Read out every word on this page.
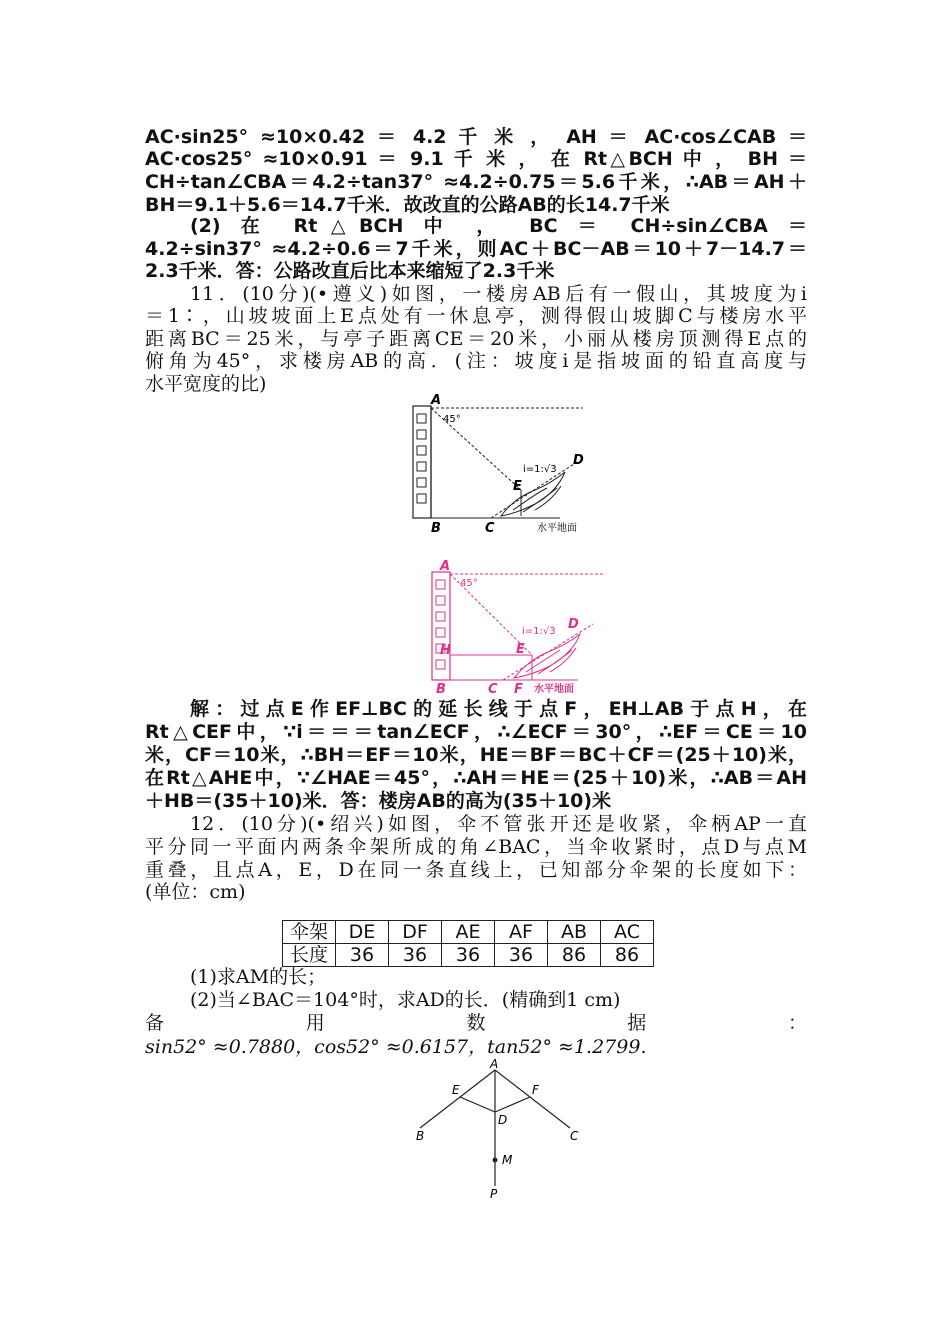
AC·sin25° ≈10×0.42 ＝ 4.2 千 米 ， AH ＝ AC·cos∠CAB ＝
AC·cos25° ≈10×0.91 ＝ 9.1 千 米 ， 在 Rt△BCH 中 ， BH ＝
CH÷tan∠CBA＝4.2÷tan37° ≈4.2÷0.75＝5.6千米，∴AB＝AH＋
BH＝9.1＋5.6＝14.7千米．故改直的公路AB的长14.7千米
(2) 在 Rt△BCH 中 ， BC ＝ CH÷sin∠CBA ＝
4.2÷sin37° ≈4.2÷0.6＝7千米，则AC＋BC－AB＝10＋7－14.7＝
2.3千米．答：公路改直后比本来缩短了2.3千米
11．(10分)(•遵义)如图，一楼房AB后有一假山，其坡度为i
＝1∶，山坡坡面上E点处有一休息亭，测得假山坡脚C与楼房水平
距离BC＝25米，与亭子距离CE＝20米，小丽从楼房顶测得E点的
俯角为45°，求楼房AB的高．(注：坡度i是指坡面的铅直高度与
水平宽度的比)
解：过点E作EF⊥BC的延长线于点F，EH⊥AB于点H，在
Rt△CEF中，∵i＝＝＝tan∠ECF，∴∠ECF＝30°，∴EF＝CE＝10
米，CF＝10米，∴BH＝EF＝10米，HE＝BF＝BC＋CF＝(25＋10)米，
在Rt△AHE中，∵∠HAE＝45°，∴AH＝HE＝(25＋10)米，∴AB＝AH
＋HB＝(35＋10)米．答：楼房AB的高为(35＋10)米
12．(10分)(•绍兴)如图，伞不管张开还是收紧，伞柄AP一直
平分同一平面内两条伞架所成的角∠BAC，当伞收紧时，点D与点M
重叠，且点A，E，D在同一条直线上，已知部分伞架的长度如下：
(单位：cm)
(1)求AM的长；
(2)当∠BAC＝104°时，求AD的长．(精确到1 cm)
备 用 数 据 ：
sin52° ≈0.7880，cos52° ≈0.6157，tan52° ≈1.2799.
A
45°
B	C
D
E
i=1:√3
水平地面
A
45°
H
B	C F
D
E
i=1:√3
水平地面
伞架	DE	DF	AE	AF	AB	AC
长度	36	36	36	36	86	86
A
E	F
D
B	C
M
P
